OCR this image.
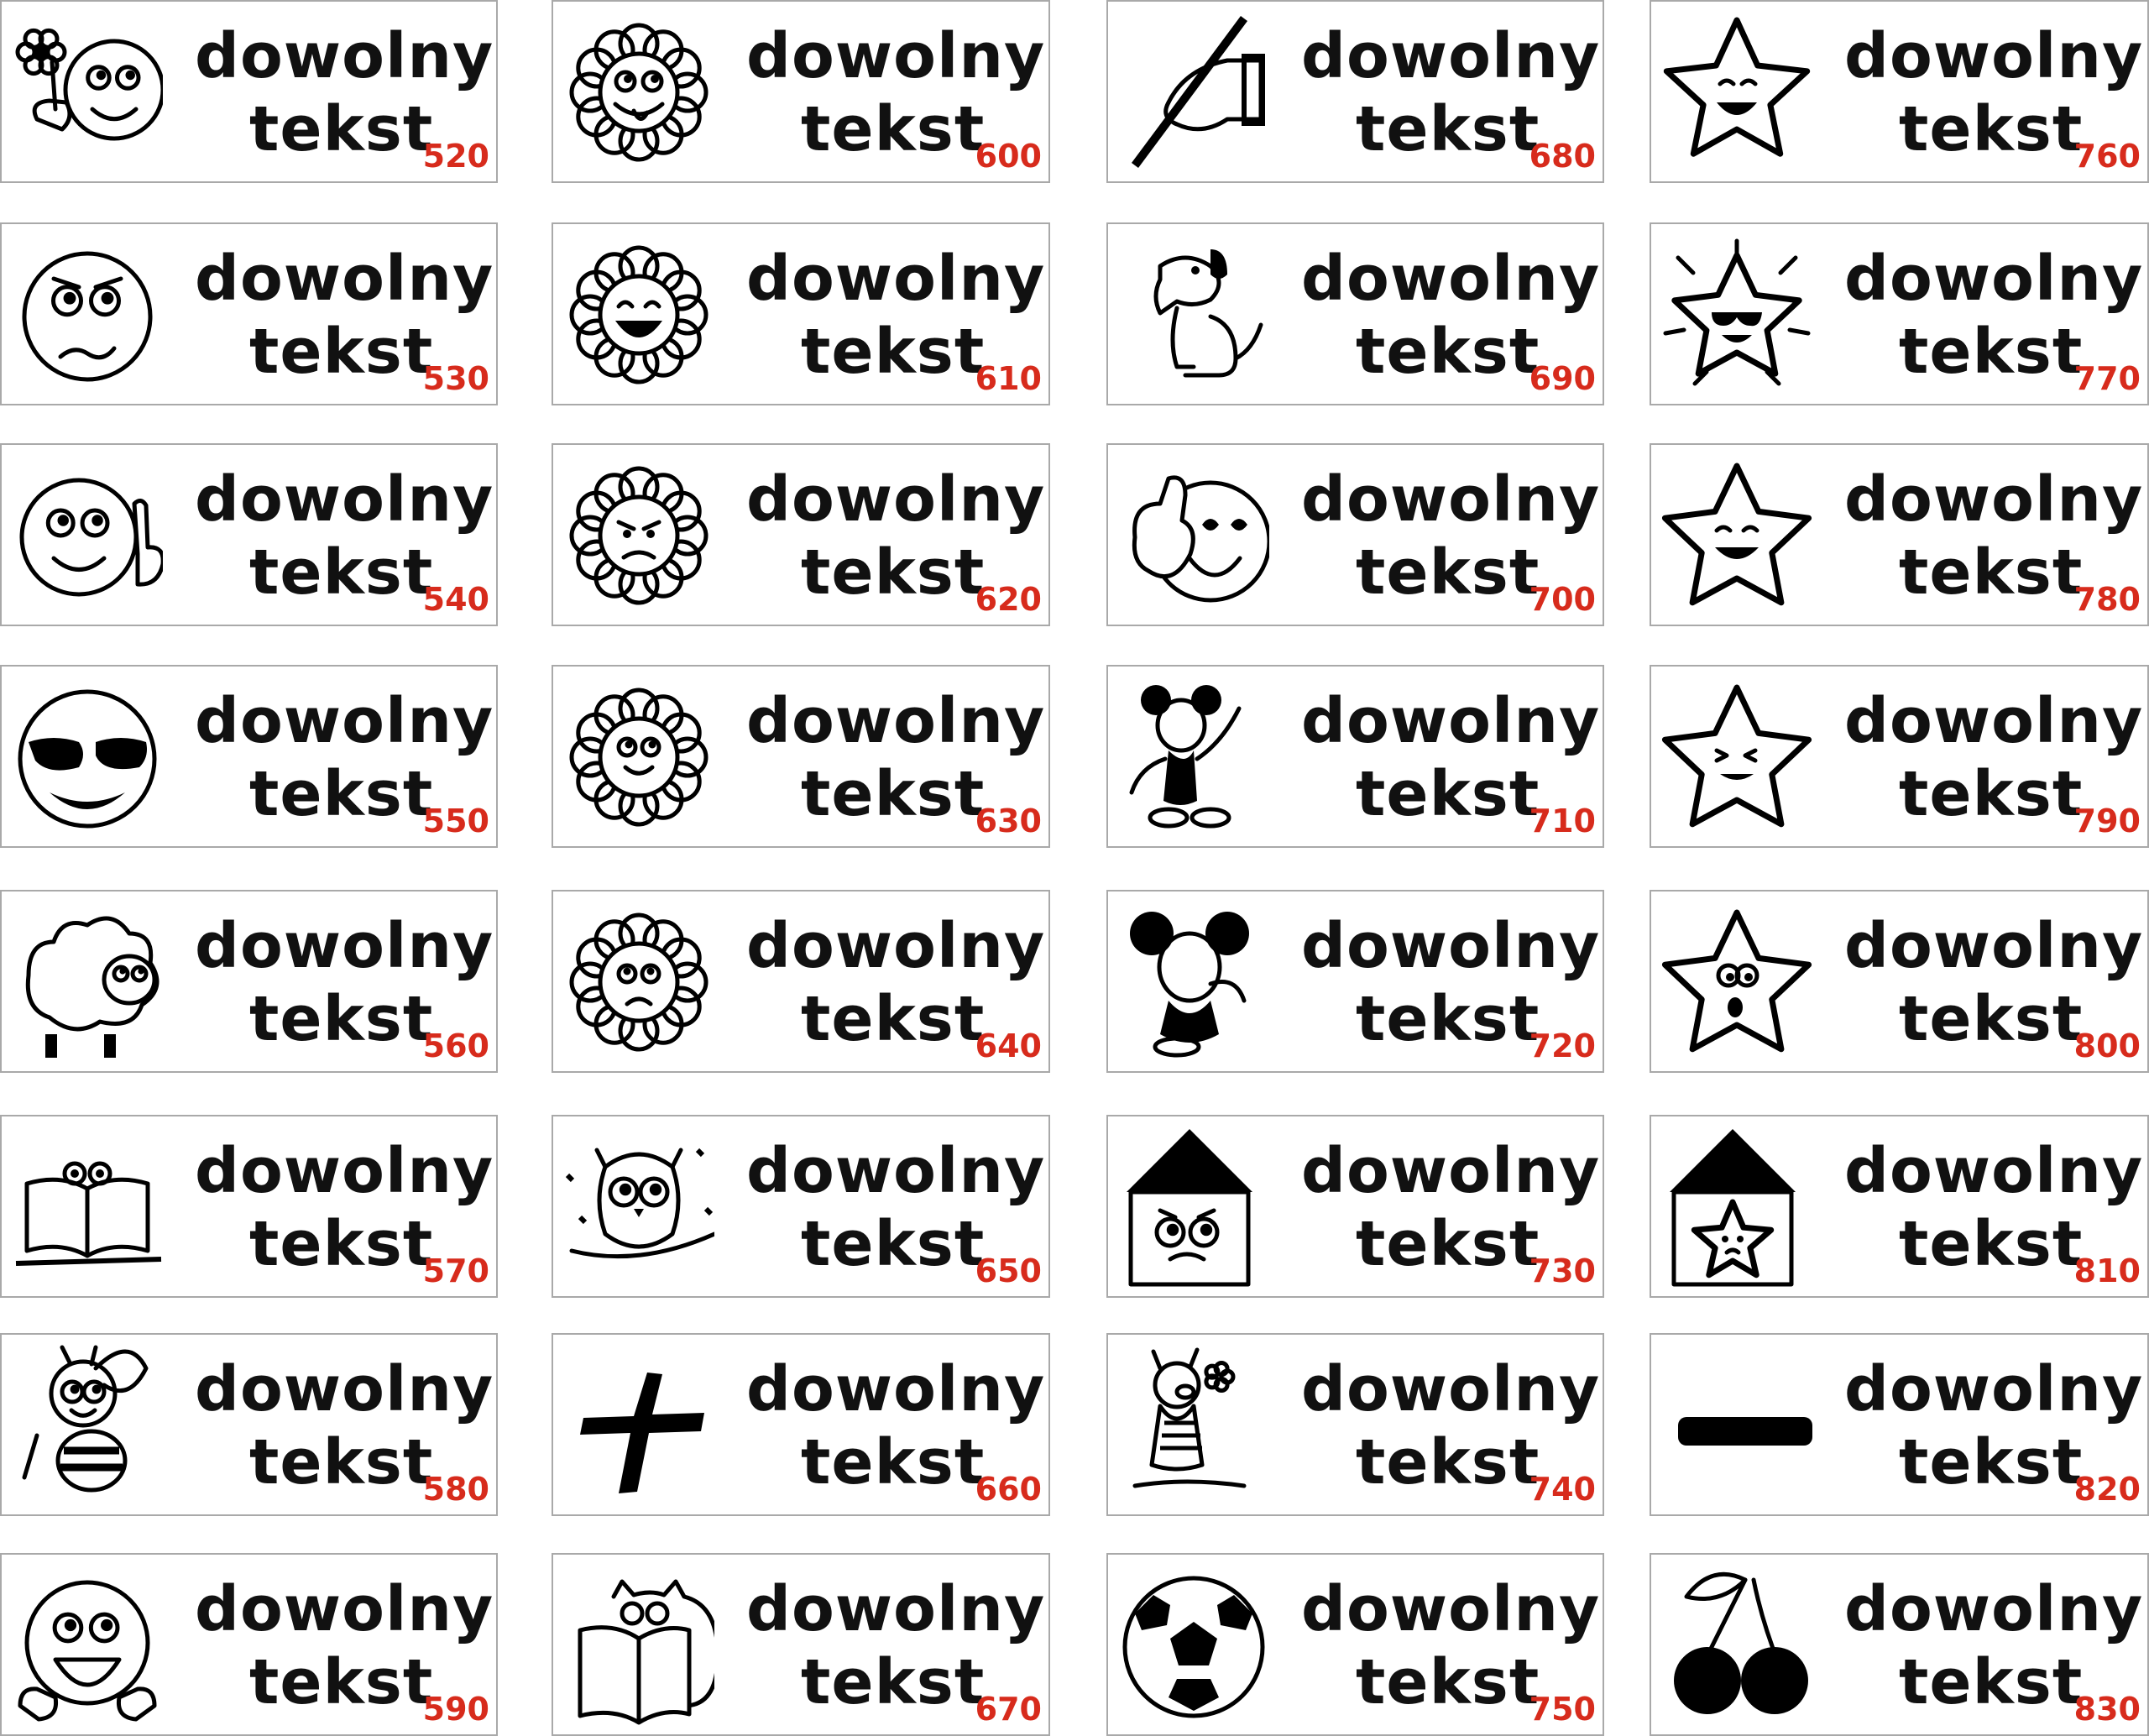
dowolny
tekst
520
dowolny
tekst
530
dowolny
tekst
540
dowolny
tekst
550
dowolny
tekst
560
dowolny
tekst
570
dowolny
tekst
580
dowolny
tekst
590
dowolny
tekst
600
dowolny
tekst
610
dowolny
tekst
620
dowolny
tekst
630
dowolny
tekst
640
dowolny
tekst
650
dowolny
tekst
660
dowolny
tekst
670
dowolny
tekst
680
dowolny
tekst
690
dowolny
tekst
700
dowolny
tekst
710
dowolny
tekst
720
dowolny
tekst
730
dowolny
tekst
740
dowolny
tekst
750
dowolny
tekst
760
dowolny
tekst
770
dowolny
tekst
780
dowolny
tekst
790
dowolny
tekst
800
dowolny
tekst
810
dowolny
tekst
820
dowolny
tekst
830
